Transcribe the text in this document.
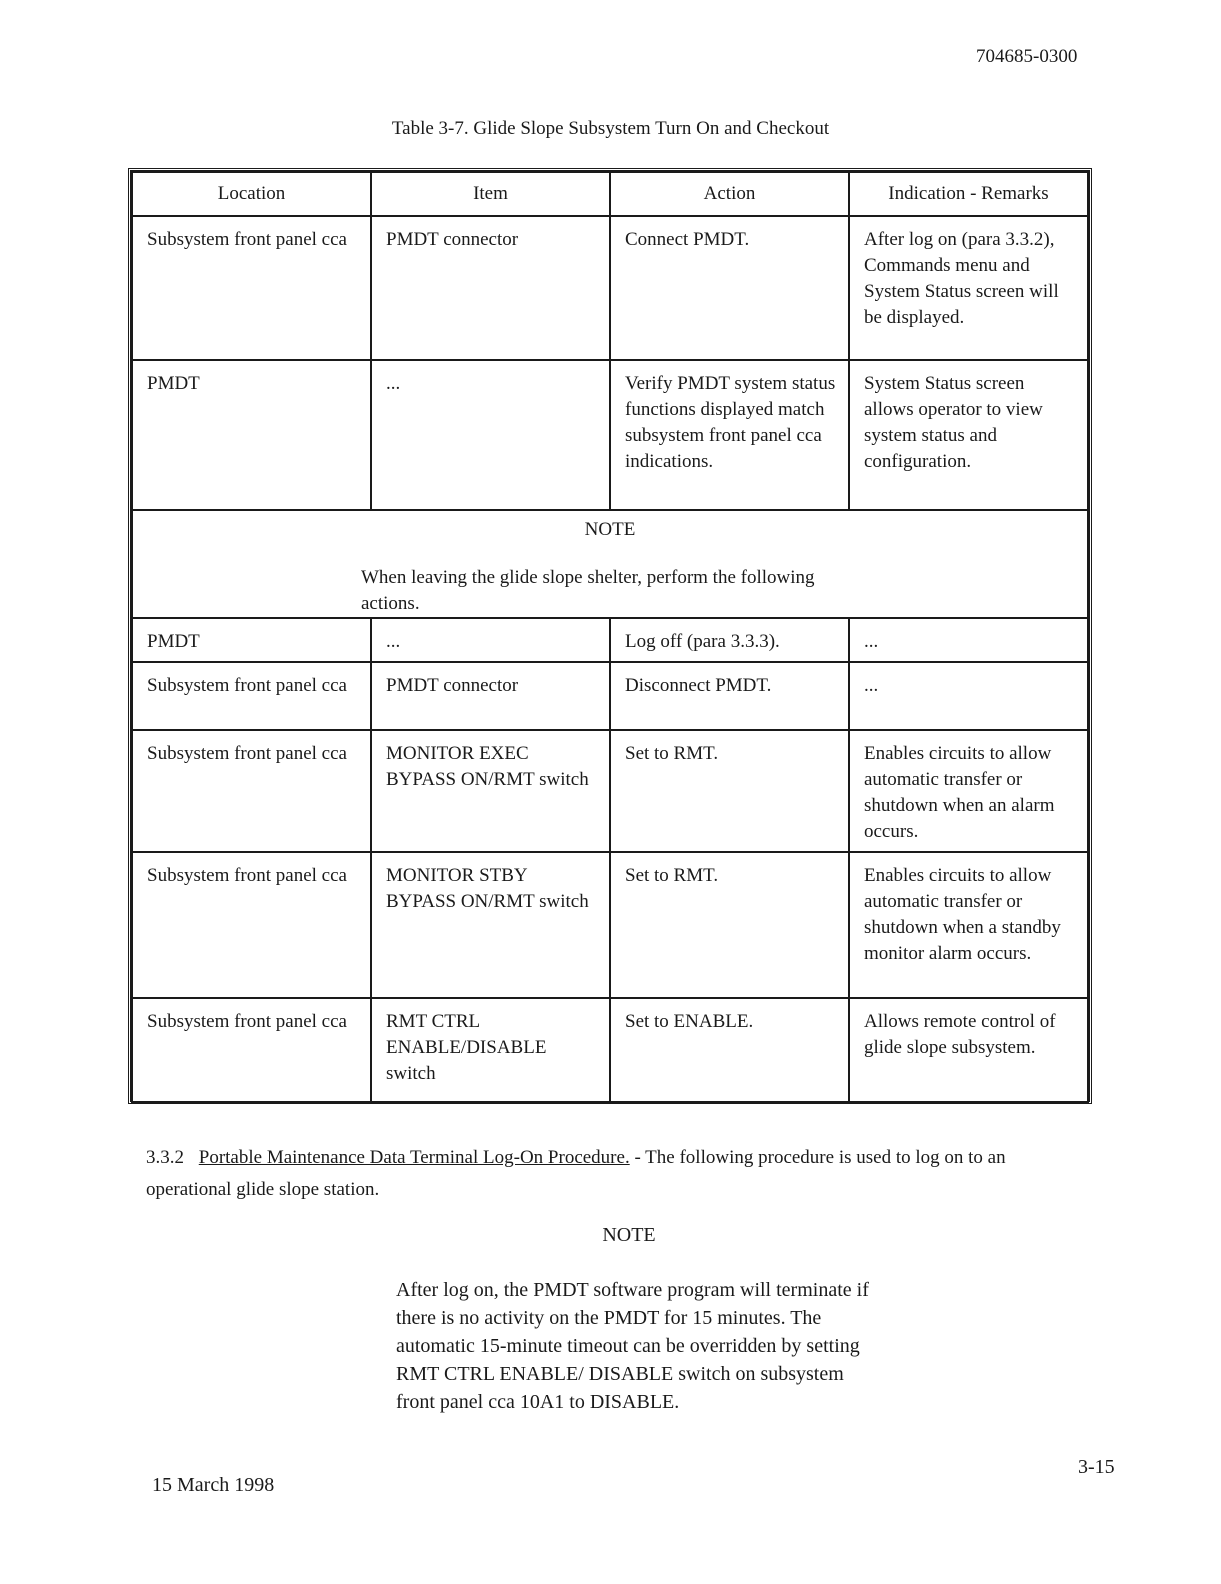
704685-0300
Table 3-7. Glide Slope Subsystem Turn On and Checkout
Location	Item	Action	Indication - Remarks
Subsystem front panel cca	PMDT connector	Connect PMDT.	After log on (para 3.3.2), Commands menu and System Status screen will be displayed.
PMDT	...	Verify PMDT system status functions displayed match subsystem front panel cca indications.	System Status screen allows operator to view system status and configuration.

NOTE
When leaving the glide slope shelter, perform the following actions.			

PMDT	...	Log off (para 3.3.3).	...
Subsystem front panel cca	PMDT connector	Disconnect PMDT.	...
Subsystem front panel cca	MONITOR EXEC BYPASS ON/RMT switch	Set to RMT.	Enables circuits to allow automatic transfer or shutdown when an alarm occurs.
Subsystem front panel cca	MONITOR STBY BYPASS ON/RMT switch	Set to RMT.	Enables circuits to allow automatic transfer or shutdown when a standby monitor alarm occurs.
Subsystem front panel cca	RMT CTRL ENABLE/DISABLE switch	Set to ENABLE.	Allows remote control of glide slope subsystem.
3.3.2 Portable Maintenance Data Terminal Log-On Procedure. - The following procedure is used to log on to an operational glide slope station.
NOTE
After log on, the PMDT software program will terminate if there is no activity on the PMDT for 15 minutes. The automatic 15-minute timeout can be overridden by setting RMT CTRL ENABLE/ DISABLE switch on subsystem front panel cca 10A1 to DISABLE.
15 March 1998
3-15
